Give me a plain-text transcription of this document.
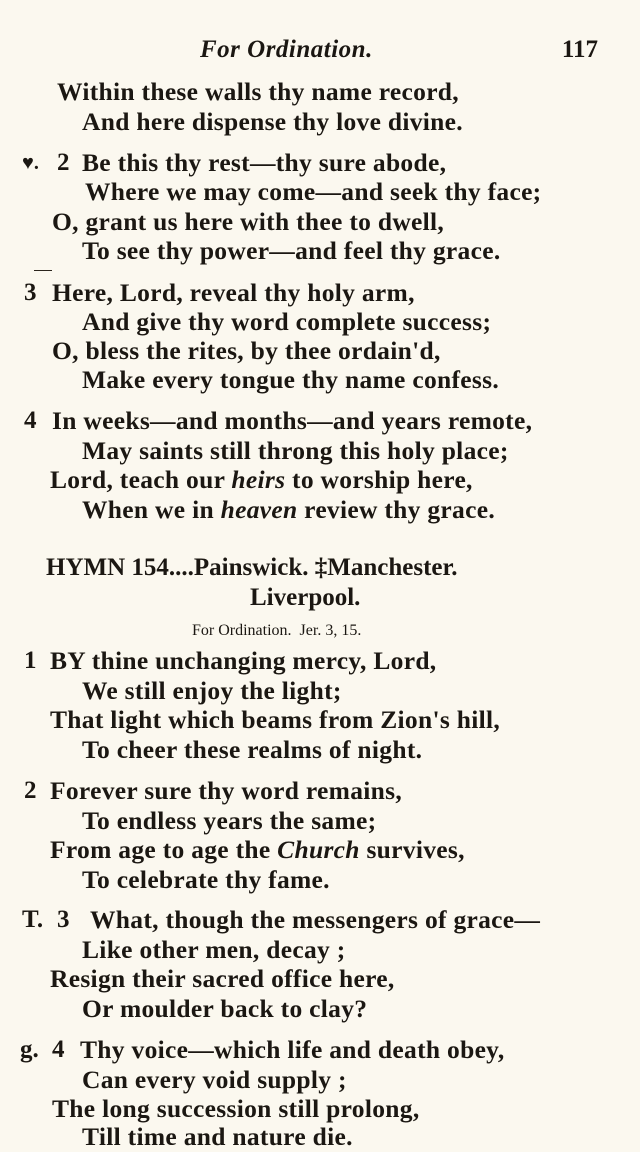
For Ordination.	117
Within these walls thy name record,
And here dispense thy love divine.
♥. 2 Be this thy rest—thy sure abode,
Where we may come—and seek thy face;
O, grant us here with thee to dwell,
To see thy power—and feel thy grace.
3 Here, Lord, reveal thy holy arm,
And give thy word complete success;
O, bless the rites, by thee ordain'd,
Make every tongue thy name confess.
4 In weeks—and months—and years remote,
May saints still throng this holy place;
Lord, teach our heirs to worship here,
When we in heaven review thy grace.
HYMN 154....Painswick. ‡Manchester.
Liverpool.
For Ordination. Jer. 3, 15.
1 BY thine unchanging mercy, Lord,
We still enjoy the light;
That light which beams from Zion's hill,
To cheer these realms of night.
2 Forever sure thy word remains,
To endless years the same;
From age to age the Church survives,
To celebrate thy fame.
T. 3 What, though the messengers of grace—
Like other men, decay ;
Resign their sacred office here,
Or moulder back to clay?
g. 4 Thy voice—which life and death obey,
Can every void supply ;
The long succession still prolong,
Till time and nature die.
